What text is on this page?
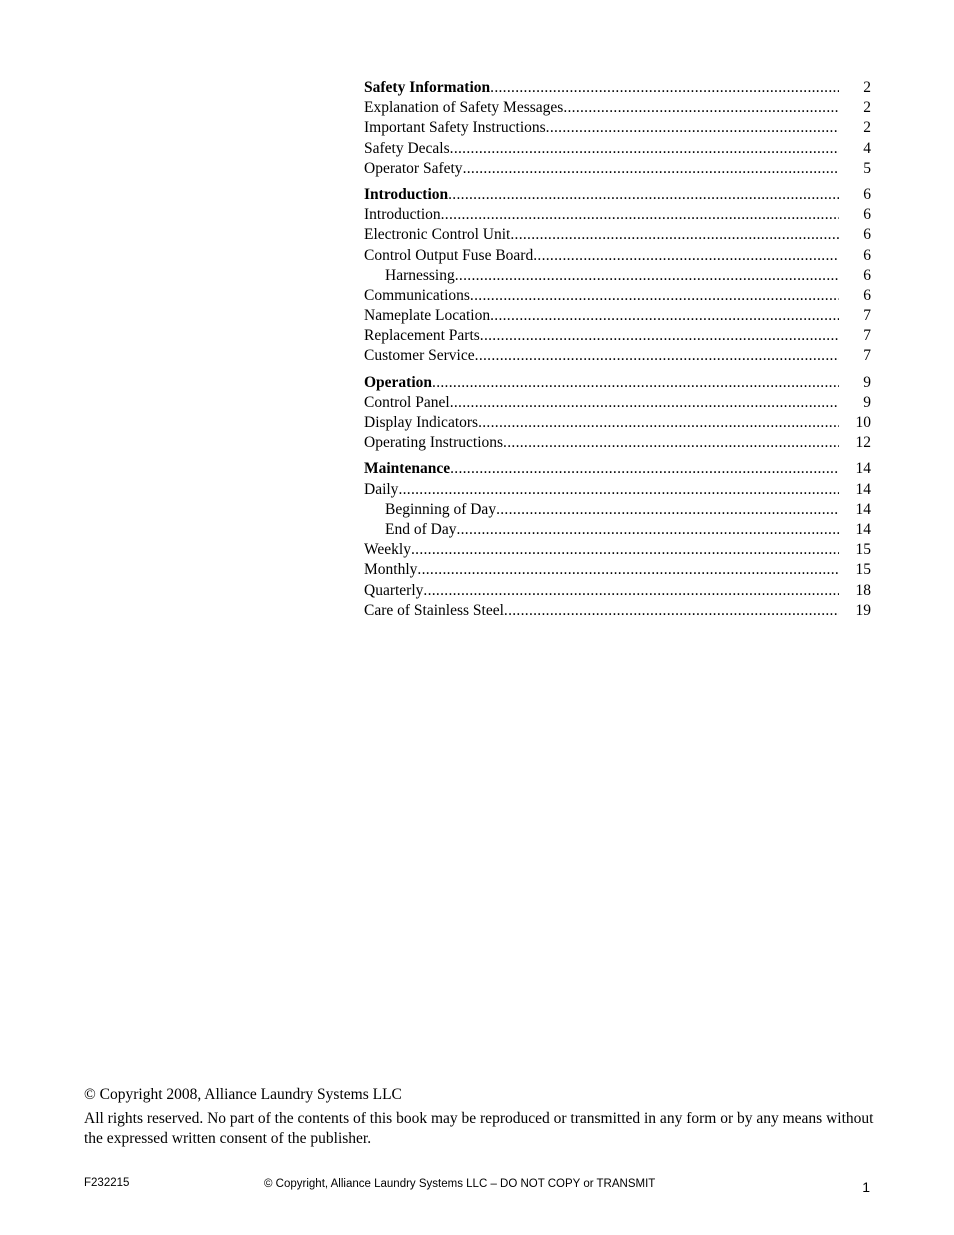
Safety Information .....	2
Explanation of Safety Messages .....	2
Important Safety Instructions .....	2
Safety Decals .....	4
Operator Safety .....	5
Introduction .....	6
Introduction .....	6
Electronic Control Unit .....	6
Control Output Fuse Board .....	6
Harnessing .....	6
Communications .....	6
Nameplate Location .....	7
Replacement Parts .....	7
Customer Service .....	7
Operation .....	9
Control Panel .....	9
Display Indicators .....	10
Operating Instructions .....	12
Maintenance .....	14
Daily .....	14
Beginning of Day .....	14
End of Day .....	14
Weekly .....	15
Monthly .....	15
Quarterly .....	18
Care of Stainless Steel .....	19

© Copyright 2008, Alliance Laundry Systems LLC

All rights reserved. No part of the contents of this book may be reproduced or transmitted in any form or by any means without the expressed written consent of the publisher.

F232215	© Copyright, Alliance Laundry Systems LLC – DO NOT COPY or TRANSMIT	1
